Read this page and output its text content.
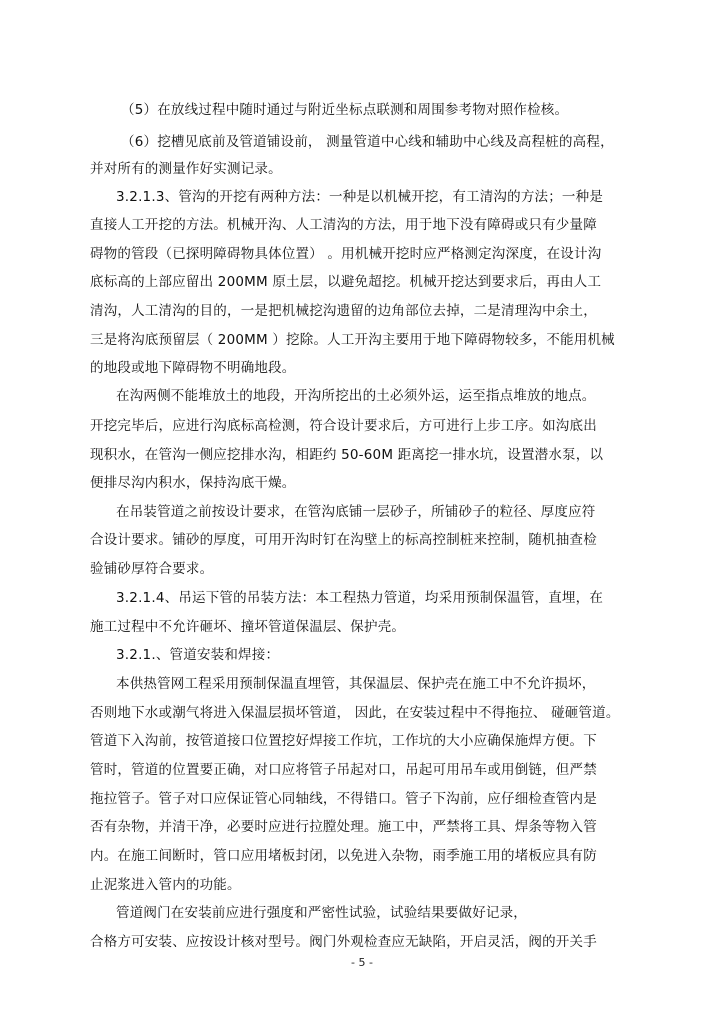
（5）在放线过程中随时通过与附近坐标点联测和周围参考物对照作检核。
（6）挖槽见底前及管道铺设前， 测量管道中心线和辅助中心线及高程桩的高程，
并对所有的测量作好实测记录。
3.2.1.3、管沟的开挖有两种方法：一种是以机械开挖，有工清沟的方法；一种是
直接人工开挖的方法。机械开沟、人工清沟的方法，用于地下没有障碍或只有少量障
碍物的管段（已探明障碍物具体位置） 。用机械开挖时应严格测定沟深度，在设计沟
底标高的上部应留出 200MM 原土层，以避免超挖。机械开挖达到要求后，再由人工
清沟，人工清沟的目的，一是把机械挖沟遗留的边角部位去掉，二是清理沟中余土，
三是将沟底预留层（ 200MM ）挖除。人工开沟主要用于地下障碍物较多，不能用机械
的地段或地下障碍物不明确地段。
在沟两侧不能堆放土的地段，开沟所挖出的土必须外运，运至指点堆放的地点。
开挖完毕后，应进行沟底标高检测，符合设计要求后，方可进行上步工序。如沟底出
现积水，在管沟一侧应挖排水沟，相距约 50-60M 距离挖一排水坑，设置潜水泵，以
便排尽沟内积水，保持沟底干燥。
在吊装管道之前按设计要求，在管沟底铺一层砂子，所铺砂子的粒径、厚度应符
合设计要求。铺砂的厚度，可用开沟时钉在沟壁上的标高控制桩来控制，随机抽查检
验铺砂厚符合要求。
3.2.1.4、吊运下管的吊装方法：本工程热力管道，均采用预制保温管，直埋，在
施工过程中不允许砸坏、撞坏管道保温层、保护壳。
3.2.1.、管道安装和焊接：
本供热管网工程采用预制保温直埋管，其保温层、保护壳在施工中不允许损坏，
否则地下水或潮气将进入保温层损坏管道， 因此，在安装过程中不得拖拉、 碰砸管道。
管道下入沟前，按管道接口位置挖好焊接工作坑，工作坑的大小应确保施焊方便。下
管时，管道的位置要正确，对口应将管子吊起对口，吊起可用吊车或用倒链，但严禁
拖拉管子。管子对口应保证管心同轴线，不得错口。管子下沟前，应仔细检查管内是
否有杂物，并清干净，必要时应进行拉膛处理。施工中，严禁将工具、焊条等物入管
内。在施工间断时，管口应用堵板封闭，以免进入杂物，雨季施工用的堵板应具有防
止泥浆进入管内的功能。
管道阀门在安装前应进行强度和严密性试验，试验结果要做好记录，
合格方可安装、应按设计核对型号。阀门外观检查应无缺陷，开启灵活，阀的开关手
- 5 -
